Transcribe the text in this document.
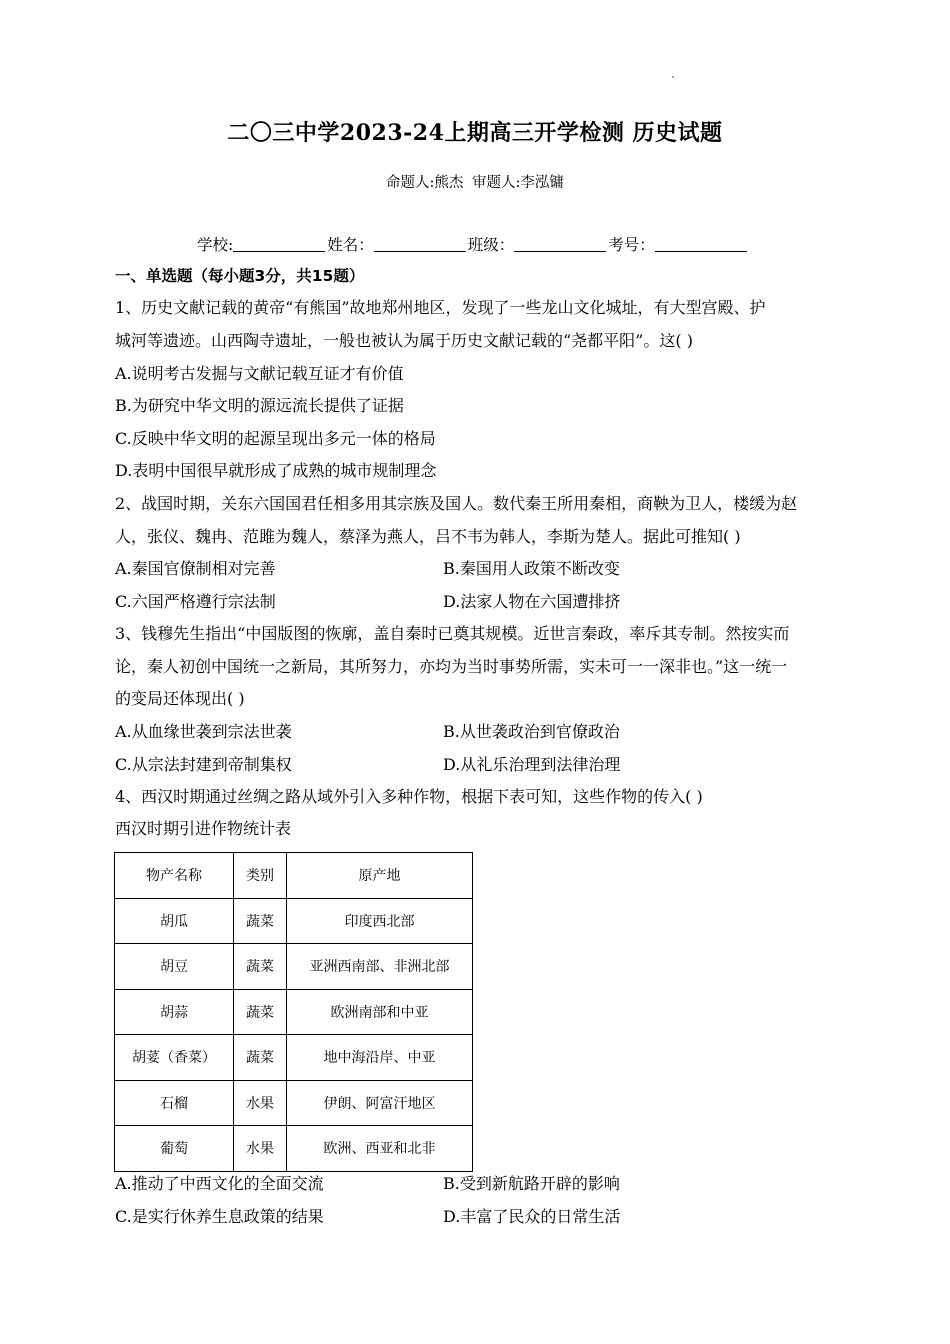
二〇三中学2023-24上期高三开学检测 历史试题
命题人:熊杰 审题人:李泓镛
学校:	姓名：	班级：	考号：
一、单选题（每小题3分，共15题）
1、历史文献记载的黄帝“有熊国”故地郑州地区，发现了一些龙山文化城址，有大型宫殿、护
城河等遗迹。山西陶寺遗址，一般也被认为属于历史文献记载的“尧都平阳”。这( )
A.说明考古发掘与文献记载互证才有价值
B.为研究中华文明的源远流长提供了证据
C.反映中华文明的起源呈现出多元一体的格局
D.表明中国很早就形成了成熟的城市规制理念
2、战国时期，关东六国国君任相多用其宗族及国人。数代秦王所用秦相，商鞅为卫人，楼缓为赵
人，张仪、魏冉、范雎为魏人，蔡泽为燕人，吕不韦为韩人，李斯为楚人。据此可推知( )
A.秦国官僚制相对完善	B.秦国用人政策不断改变
C.六国严格遵行宗法制	D.法家人物在六国遭排挤
3、钱穆先生指出“中国版图的恢廓，盖自秦时已奠其规模。近世言秦政，率斥其专制。然按实而
论，秦人初创中国统一之新局，其所努力，亦均为当时事势所需，实未可一一深非也。”这一统一
的变局还体现出( )
A.从血缘世袭到宗法世袭	B.从世袭政治到官僚政治
C.从宗法封建到帝制集权	D.从礼乐治理到法律治理
4、西汉时期通过丝绸之路从域外引入多种作物，根据下表可知，这些作物的传入( )
西汉时期引进作物统计表
物产名称	类别	原产地
胡瓜	蔬菜	印度西北部
胡豆	蔬菜	亚洲西南部、非洲北部
胡蒜	蔬菜	欧洲南部和中亚
胡荽（香菜）	蔬菜	地中海沿岸、中亚
石榴	水果	伊朗、阿富汗地区
葡萄	水果	欧洲、西亚和北非
A.推动了中西文化的全面交流	B.受到新航路开辟的影响
C.是实行休养生息政策的结果	D.丰富了民众的日常生活
